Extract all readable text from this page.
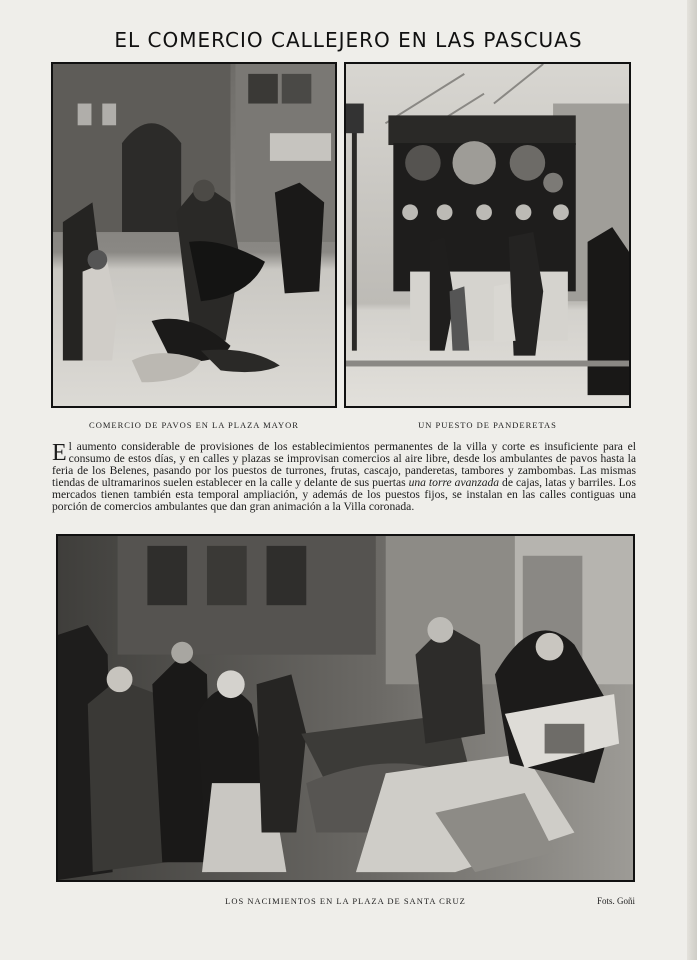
EL COMERCIO CALLEJERO EN LAS PASCUAS
COMERCIO DE PAVOS EN LA PLAZA MAYOR	UN PUESTO DE PANDERETAS
El aumento considerable de provisiones de los establecimientos permanentes de la villa y corte es insuficiente para el consumo de estos días, y en calles y plazas se improvisan comercios al aire libre, desde los ambulantes de pavos hasta la feria de los Belenes, pasando por los puestos de turrones, frutas, cascajo, panderetas, tambores y zambombas. Las mismas tiendas de ultramarinos suelen establecer en la calle y delante de sus puertas una torre avanzada de cajas, latas y barriles. Los mercados tienen también esta temporal ampliación, y además de los puestos fijos, se instalan en las calles contiguas una porción de comercios ambulantes que dan gran animación a la Villa coronada.
LOS NACIMIENTOS EN LA PLAZA DE SANTA CRUZ	Fots. Goñi
